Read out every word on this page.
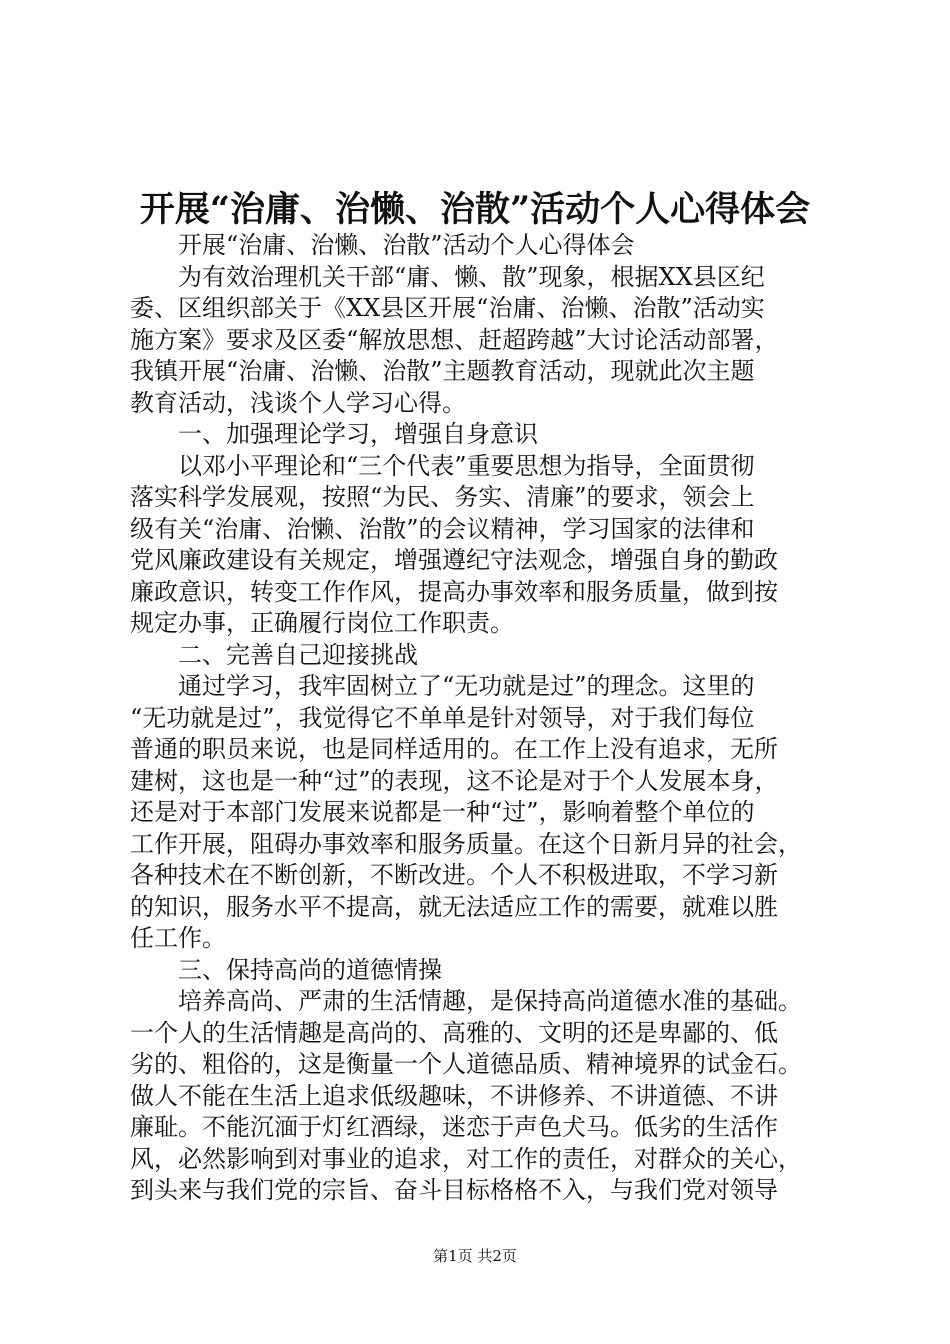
开展“治庸、治懒、治散”活动个人心得体会
开展“治庸、治懒、治散”活动个人心得体会
为有效治理机关干部“庸、懒、散”现象，根据XX县区纪
委、区组织部关于《XX县区开展“治庸、治懒、治散”活动实
施方案》要求及区委“解放思想、赶超跨越”大讨论活动部署，
我镇开展“治庸、治懒、治散”主题教育活动，现就此次主题
教育活动，浅谈个人学习心得。
一、加强理论学习，增强自身意识
以邓小平理论和“三个代表”重要思想为指导，全面贯彻
落实科学发展观，按照“为民、务实、清廉”的要求，领会上
级有关“治庸、治懒、治散”的会议精神，学习国家的法律和
党风廉政建设有关规定，增强遵纪守法观念，增强自身的勤政
廉政意识，转变工作作风，提高办事效率和服务质量，做到按
规定办事，正确履行岗位工作职责。
二、完善自己迎接挑战
通过学习，我牢固树立了“无功就是过”的理念。这里的
“无功就是过”，我觉得它不单单是针对领导，对于我们每位
普通的职员来说，也是同样适用的。在工作上没有追求，无所
建树，这也是一种“过”的表现，这不论是对于个人发展本身，
还是对于本部门发展来说都是一种“过”，影响着整个单位的
工作开展，阻碍办事效率和服务质量。在这个日新月异的社会，
各种技术在不断创新，不断改进。个人不积极进取，不学习新
的知识，服务水平不提高，就无法适应工作的需要，就难以胜
任工作。
三、保持高尚的道德情操
培养高尚、严肃的生活情趣，是保持高尚道德水准的基础。
一个人的生活情趣是高尚的、高雅的、文明的还是卑鄙的、低
劣的、粗俗的，这是衡量一个人道德品质、精神境界的试金石。
做人不能在生活上追求低级趣味，不讲修养、不讲道德、不讲
廉耻。不能沉湎于灯红酒绿，迷恋于声色犬马。低劣的生活作
风，必然影响到对事业的追求，对工作的责任，对群众的关心，
到头来与我们党的宗旨、奋斗目标格格不入，与我们党对领导
第1页 共2页
